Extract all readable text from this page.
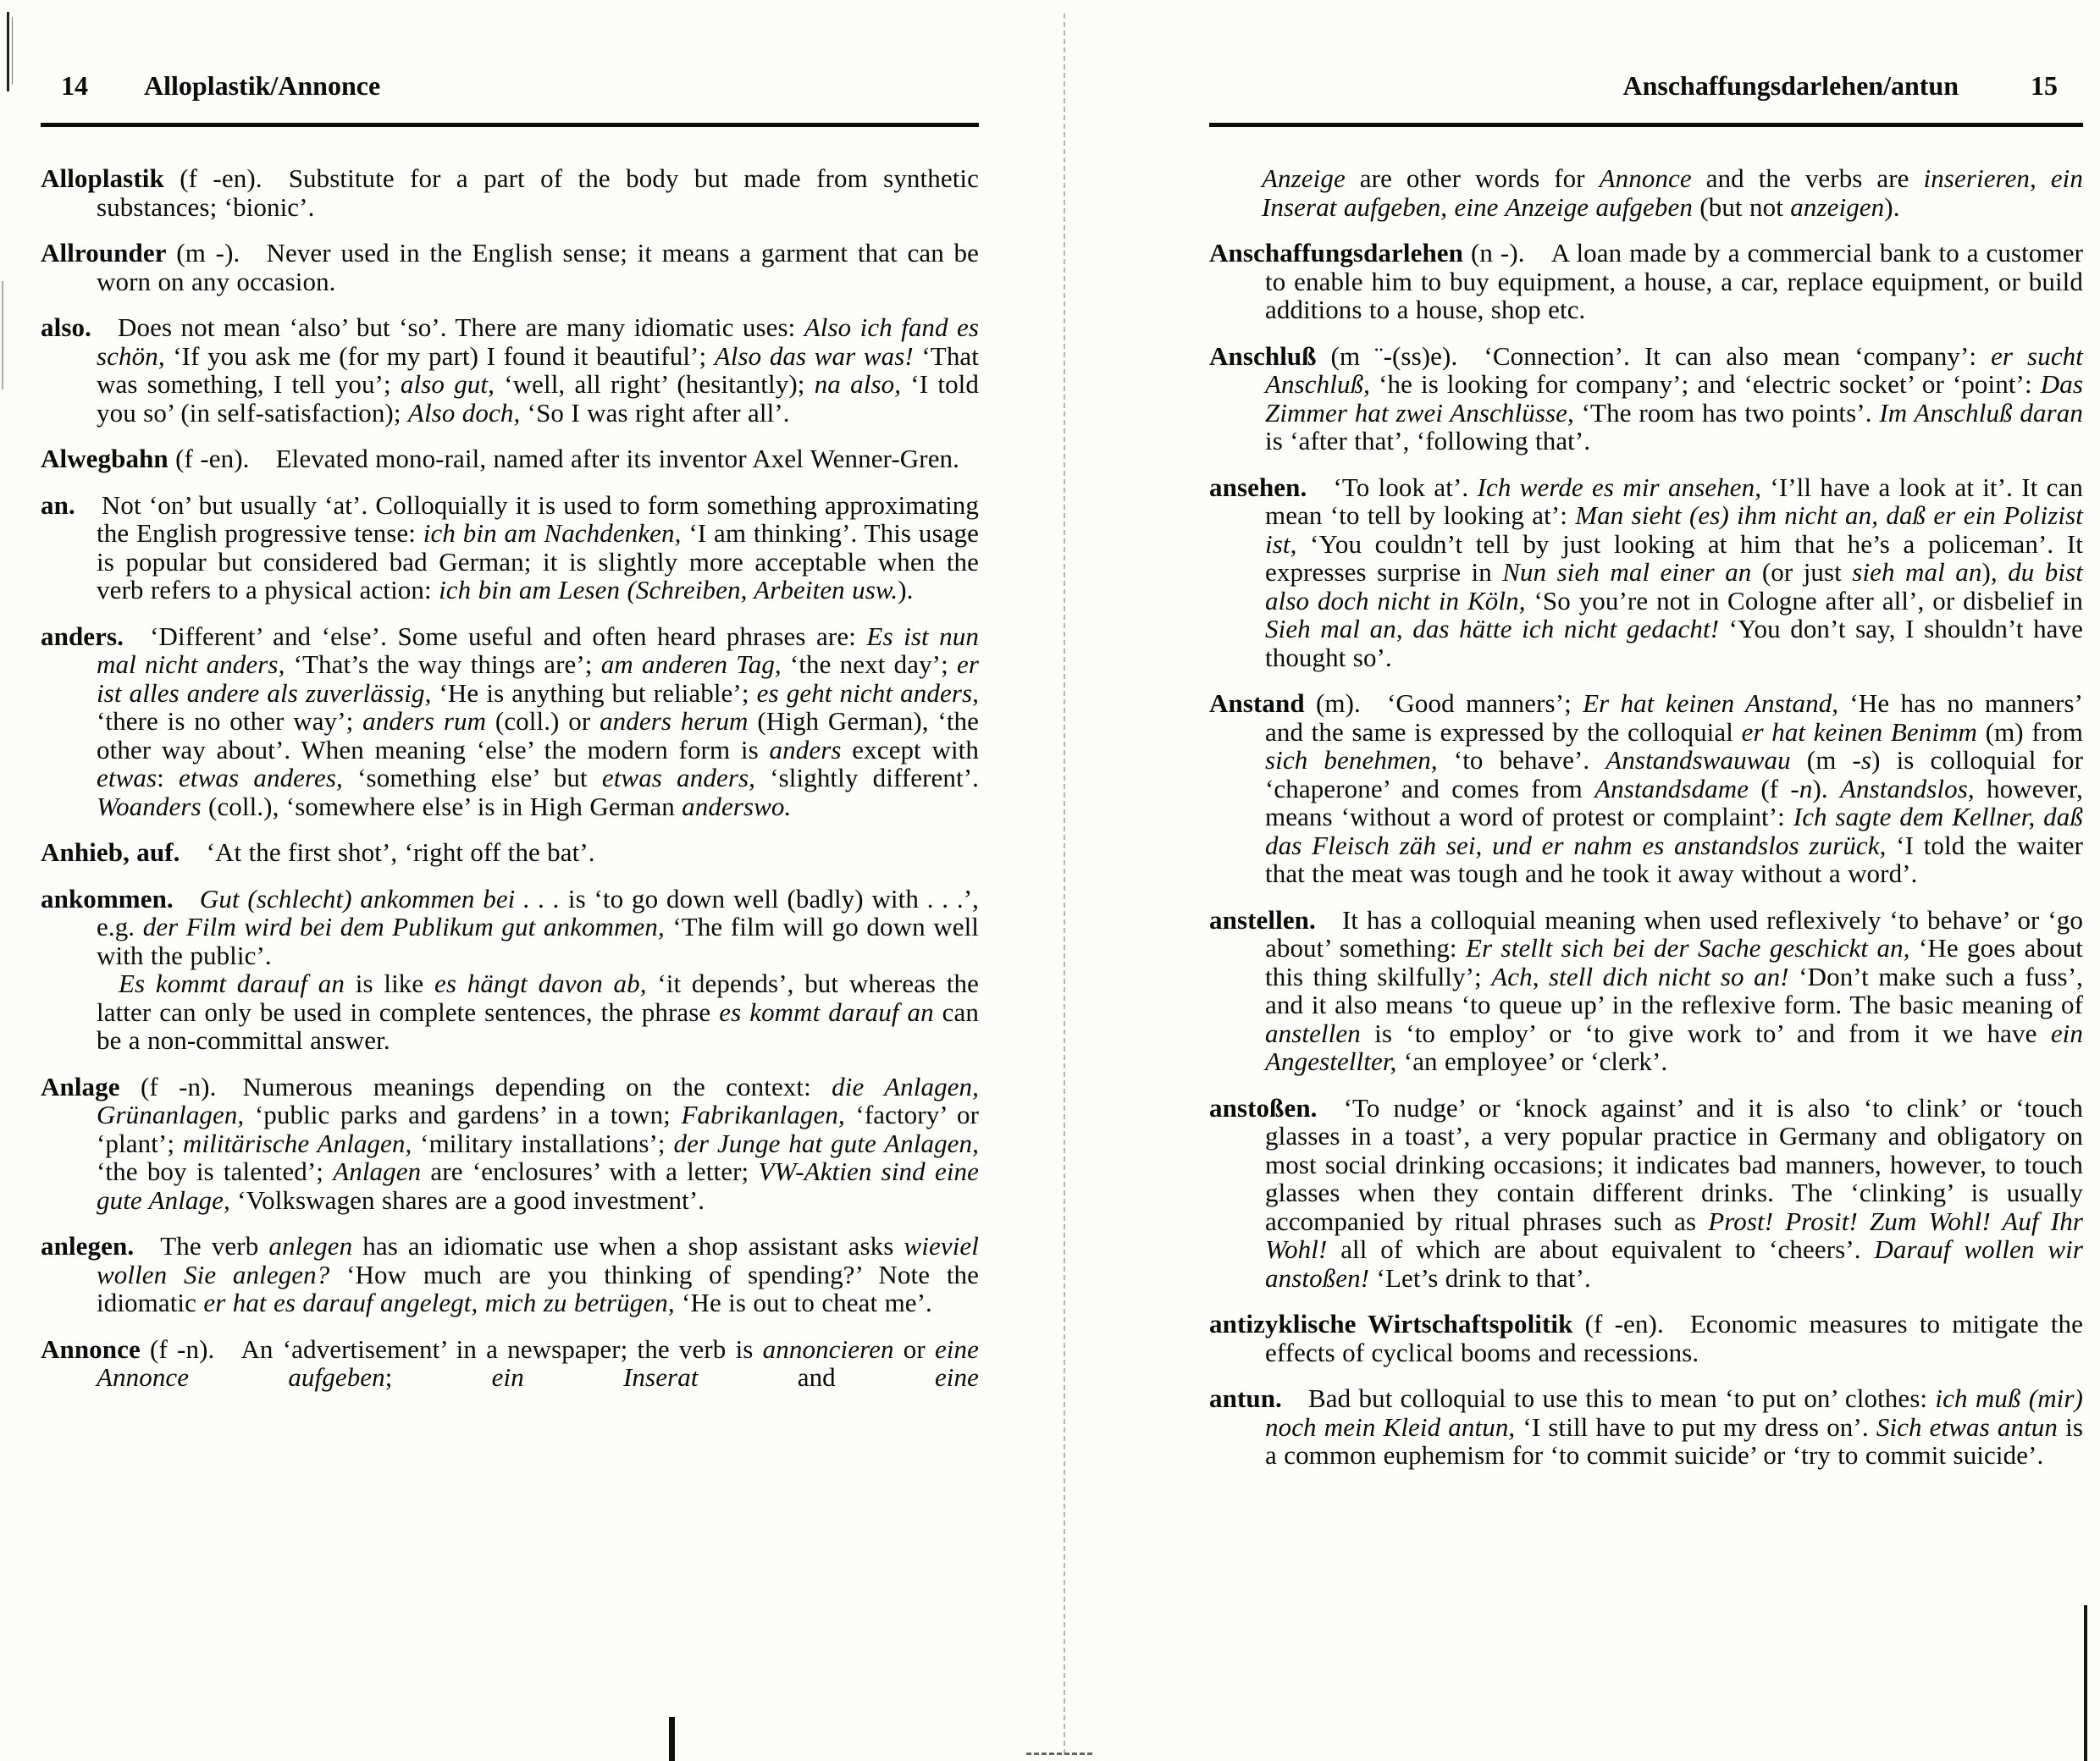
14 Alloplastik/Annonce

Alloplastik (f -en). Substitute for a part of the body but made from synthetic substances; ‘bionic’.

Allrounder (m -). Never used in the English sense; it means a garment that can be worn on any occasion.

also. Does not mean ‘also’ but ‘so’. There are many idiomatic uses: Also ich fand es schön, ‘If you ask me (for my part) I found it beautiful’; Also das war was! ‘That was something, I tell you’; also gut, ‘well, all right’ (hesitantly); na also, ‘I told you so’ (in self-satisfaction); Also doch, ‘So I was right after all’.

Alwegbahn (f -en). Elevated mono-rail, named after its inventor Axel Wenner-Gren.

an. Not ‘on’ but usually ‘at’. Colloquially it is used to form something approximating the English progressive tense: ich bin am Nachdenken, ‘I am thinking’. This usage is popular but considered bad German; it is slightly more acceptable when the verb refers to a physical action: ich bin am Lesen (Schreiben, Arbeiten usw.).

anders. ‘Different’ and ‘else’. Some useful and often heard phrases are: Es ist nun mal nicht anders, ‘That’s the way things are’; am anderen Tag, ‘the next day’; er ist alles andere als zuverlässig, ‘He is anything but reliable’; es geht nicht anders, ‘there is no other way’; anders rum (coll.) or anders herum (High German), ‘the other way about’. When meaning ‘else’ the modern form is anders except with etwas: etwas anderes, ‘something else’ but etwas anders, ‘slightly different’. Woanders (coll.), ‘somewhere else’ is in High German anderswo.

Anhieb, auf. ‘At the first shot’, ‘right off the bat’.

ankommen.  Gut (schlecht) ankommen bei . . . is ‘to go down well (badly) with . . .’, e.g. der Film wird bei dem Publikum gut ankommen, ‘The film will go down well with the public’.

Es kommt darauf an is like es hängt davon ab, ‘it depends’, but whereas the latter can only be used in complete sentences, the phrase es kommt darauf an can be a non-committal answer.

Anlage (f -n). Numerous meanings depending on the context: die Anlagen, Grünanlagen, ‘public parks and gardens’ in a town; Fabrikanlagen, ‘factory’ or ‘plant’; militärische Anlagen, ‘military installations’; der Junge hat gute Anlagen, ‘the boy is talented’; Anlagen are ‘enclosures’ with a letter; VW-Aktien sind eine gute Anlage, ‘Volkswagen shares are a good investment’.

anlegen. The verb anlegen has an idiomatic use when a shop assistant asks wieviel wollen Sie anlegen? ‘How much are you thinking of spending?’ Note the idiomatic er hat es darauf angelegt, mich zu betrügen, ‘He is out to cheat me’.

Annonce (f -n). An ‘advertisement’ in a newspaper; the verb is annoncieren or eine Annonce aufgeben; ein Inserat and eine

Anschaffungsdarlehen/antun	15

Anzeige are other words for Annonce and the verbs are inserieren, ein Inserat aufgeben, eine Anzeige aufgeben (but not anzeigen).

Anschaffungsdarlehen (n -). A loan made by a commercial bank to a customer to enable him to buy equipment, a house, a car, replace equipment, or build additions to a house, shop etc.

Anschluß (m ¨-(ss)e). ‘Connection’. It can also mean ‘company’: er sucht Anschluß, ‘he is looking for company’; and ‘electric socket’ or ‘point’: Das Zimmer hat zwei Anschlüsse, ‘The room has two points’. Im Anschluß daran is ‘after that’, ‘following that’.

ansehen. ‘To look at’. Ich werde es mir ansehen, ‘I’ll have a look at it’. It can mean ‘to tell by looking at’: Man sieht (es) ihm nicht an, daß er ein Polizist ist, ‘You couldn’t tell by just looking at him that he’s a policeman’. It expresses surprise in Nun sieh mal einer an (or just sieh mal an), du bist also doch nicht in Köln, ‘So you’re not in Cologne after all’, or disbelief in Sieh mal an, das hätte ich nicht gedacht! ‘You don’t say, I shouldn’t have thought so’.

Anstand (m). ‘Good manners’; Er hat keinen Anstand, ‘He has no manners’ and the same is expressed by the colloquial er hat keinen Benimm (m) from sich benehmen, ‘to behave’. Anstandswauwau (m -s) is colloquial for ‘chaperone’ and comes from Anstandsdame (f -n). Anstandslos, however, means ‘without a word of protest or complaint’: Ich sagte dem Kellner, daß das Fleisch zäh sei, und er nahm es anstandslos zurück, ‘I told the waiter that the meat was tough and he took it away without a word’.

anstellen. It has a colloquial meaning when used reflexively ‘to behave’ or ‘go about’ something: Er stellt sich bei der Sache geschickt an, ‘He goes about this thing skilfully’; Ach, stell dich nicht so an! ‘Don’t make such a fuss’, and it also means ‘to queue up’ in the reflexive form. The basic meaning of anstellen is ‘to employ’ or ‘to give work to’ and from it we have ein Angestellter, ‘an employee’ or ‘clerk’.

anstoßen. ‘To nudge’ or ‘knock against’ and it is also ‘to clink’ or ‘touch glasses in a toast’, a very popular practice in Germany and obligatory on most social drinking occasions; it indicates bad manners, however, to touch glasses when they contain different drinks. The ‘clinking’ is usually accompanied by ritual phrases such as Prost! Prosit! Zum Wohl! Auf Ihr Wohl! all of which are about equivalent to ‘cheers’. Darauf wollen wir anstoßen! ‘Let’s drink to that’.

antizyklische Wirtschaftspolitik (f -en). Economic measures to mitigate the effects of cyclical booms and recessions.

antun. Bad but colloquial to use this to mean ‘to put on’ clothes: ich muß (mir) noch mein Kleid antun, ‘I still have to put my dress on’. Sich etwas antun is a common euphemism for ‘to commit suicide’ or ‘try to commit suicide’.
